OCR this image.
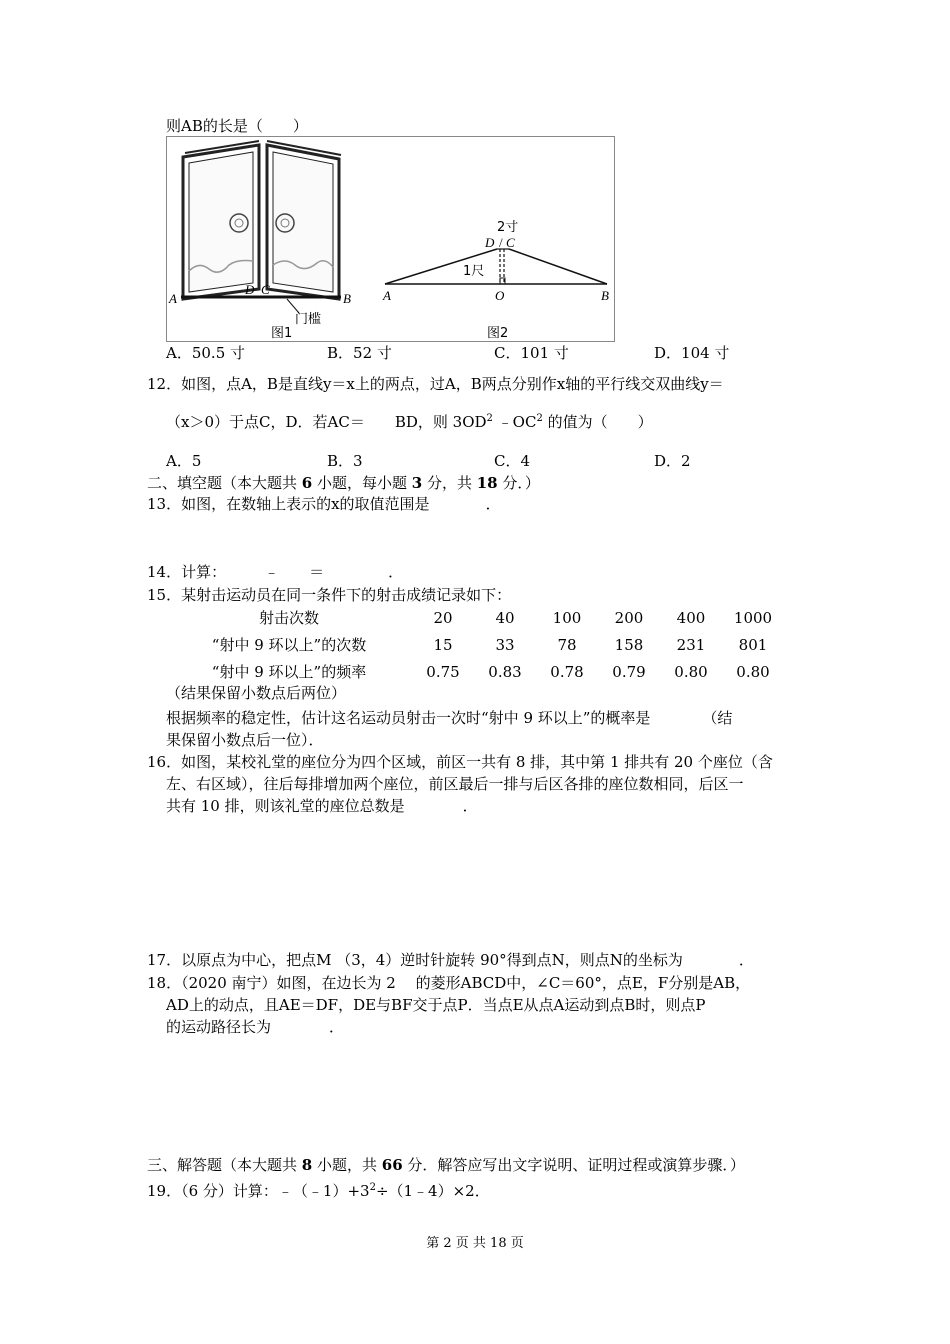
则AB的长是（　　）
A
D C
B
门槛
图1
2寸
D / C
1尺
A	O	B
图2
A．50.5 寸	B．52 寸	C．101 寸	D．104 寸
12．如图，点A，B是直线y＝x上的两点，过A，B两点分别作x轴的平行线交双曲线y＝
（x＞0）于点C，D．若AC＝ BD，则 $3OD^2$ $﹣OC^2$ 的值为（　　）
A．5	B．3	C．4	D．2
二、填空题（本大题共 6 小题，每小题 3 分，共 18 分．）
13．如图，在数轴上表示的x的取值范围是	．
14．计算：	﹣　　＝	．
15．某射击运动员在同一条件下的射击成绩记录如下：
射击次数	20	40	100	200	400	1000
“射中 9 环以上”的次数	15	33	78	158	231	801
“射中 9 环以上”的频率	0.75	0.83	0.78	0.79	0.80	0.80
（结果保留小数点后两位）
根据频率的稳定性，估计这名运动员射击一次时“射中 9 环以上”的概率是	（结
果保留小数点后一位）．
16．如图，某校礼堂的座位分为四个区域，前区一共有 8 排，其中第 1 排共有 20 个座位（含
左、右区域），往后每排增加两个座位，前区最后一排与后区各排的座位数相同，后区一
共有 10 排，则该礼堂的座位总数是	．
17．以原点为中心，把点M （3，4）逆时针旋转 90°得到点N，则点N的坐标为	．
18．（2020 南宁）如图，在边长为 2　 的菱形ABCD中，∠C＝60°，点E，F分别是AB，
AD上的动点，且AE＝DF，DE与BF交于点P．当点E从点A运动到点B时，则点P
的运动路径长为	．
三、解答题（本大题共 8 小题，共 66 分．解答应写出文字说明、证明过程或演算步骤．）
19．（6 分）计算：$﹣(﹣1)+3^2\div(1﹣4)\times 2$．
第 2 页 共 18 页
